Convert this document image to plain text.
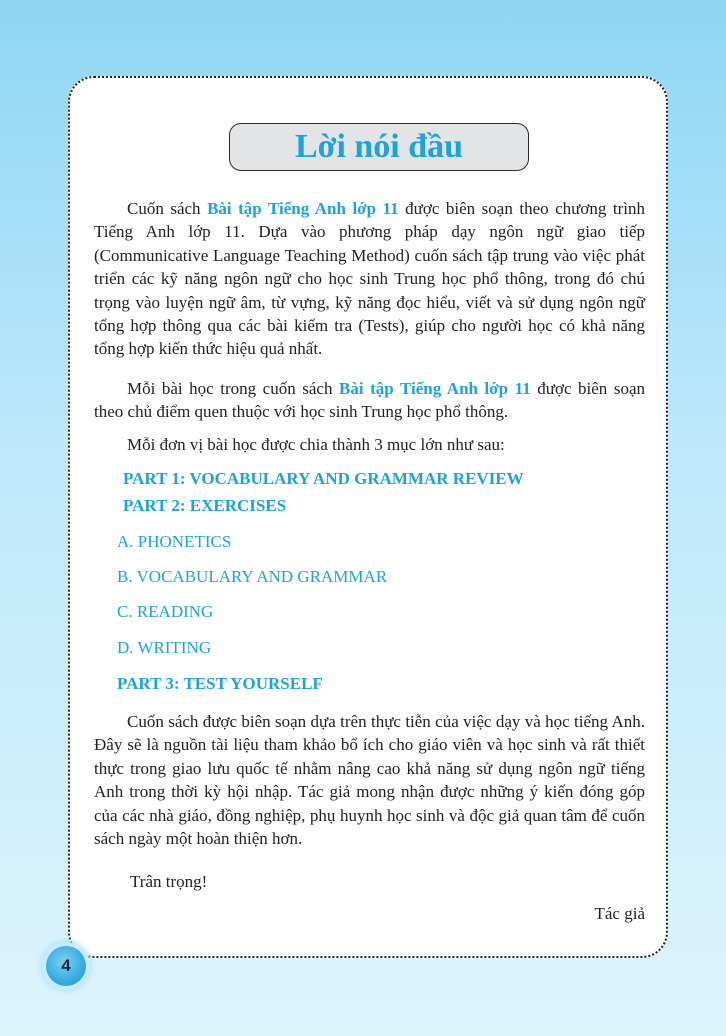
Lời nói đầu

Cuốn sách Bài tập Tiếng Anh lớp 11 được biên soạn theo chương trình Tiếng Anh lớp 11. Dựa vào phương pháp dạy ngôn ngữ giao tiếp (Communicative Language Teaching Method) cuốn sách tập trung vào việc phát triển các kỹ năng ngôn ngữ cho học sinh Trung học phổ thông, trong đó chú trọng vào luyện ngữ âm, từ vựng, kỹ năng đọc hiểu, viết và sử dụng ngôn ngữ tổng hợp thông qua các bài kiểm tra (Tests), giúp cho người học có khả năng tổng hợp kiến thức hiệu quả nhất.

Mỗi bài học trong cuốn sách Bài tập Tiếng Anh lớp 11 được biên soạn theo chủ điểm quen thuộc với học sinh Trung học phổ thông.

Mỗi đơn vị bài học được chia thành 3 mục lớn như sau:

PART 1: VOCABULARY AND GRAMMAR REVIEW

PART 2: EXERCISES

A. PHONETICS

B. VOCABULARY AND GRAMMAR

C. READING

D. WRITING

PART 3: TEST YOURSELF

Cuốn sách được biên soạn dựa trên thực tiễn của việc dạy và học tiếng Anh. Đây sẽ là nguồn tài liệu tham khảo bổ ích cho giáo viên và học sinh và rất thiết thực trong giao lưu quốc tế nhằm nâng cao khả năng sử dụng ngôn ngữ tiếng Anh trong thời kỳ hội nhập. Tác giả mong nhận được những ý kiến đóng góp của các nhà giáo, đồng nghiệp, phụ huynh học sinh và độc giả quan tâm để cuốn sách ngày một hoàn thiện hơn.

Trân trọng!

Tác giả

4
